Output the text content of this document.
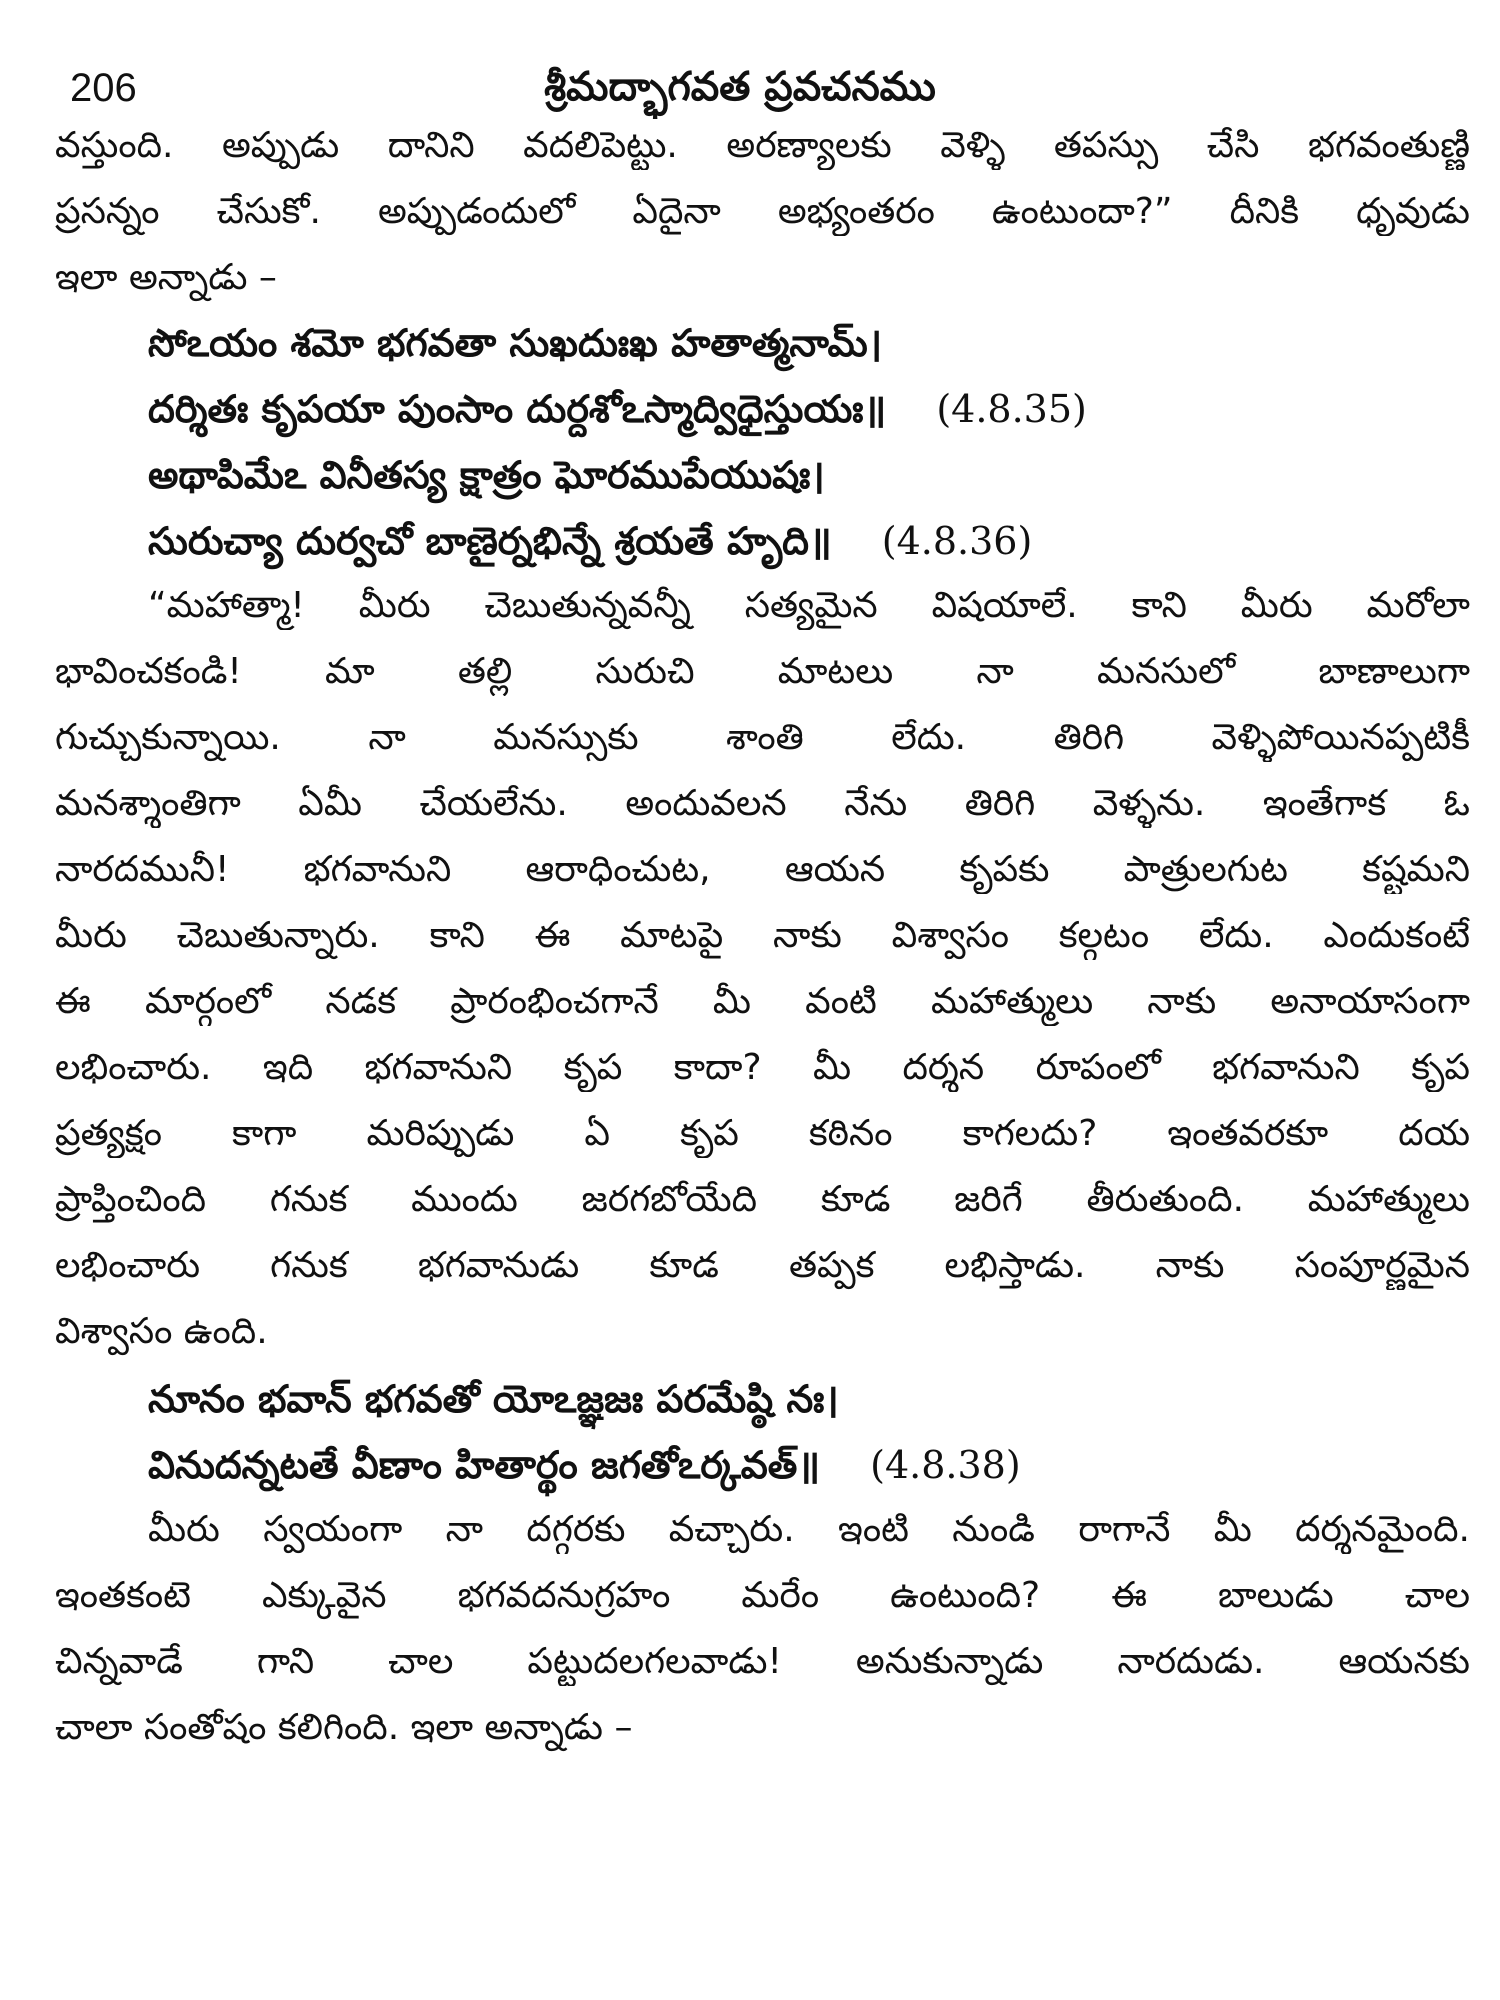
206	శ్రీమద్భాగవత ప్రవచనము
వస్తుంది. అప్పుడు దానిని వదలిపెట్టు. అరణ్యాలకు వెళ్ళి తపస్సు చేసి భగవంతుణ్ణి
ప్రసన్నం చేసుకో. అప్పుడందులో ఏదైనా అభ్యంతరం ఉంటుందా?” దీనికి ధృవుడు
ఇలా అన్నాడు –
సోఽయం శమో భగవతా సుఖదుఃఖ హతాత్మనామ్।
దర్శితః కృపయా పుంసాం దుర్దశోఽస్మాద్విధైస్తుయః॥ (4.8.35)
అథాపిమేఽ వినీతస్య క్షాత్రం ఘోరముపేయుషః।
సురుచ్యా దుర్వచో బాణైర్నభిన్నే శ్రయతే హృది॥ (4.8.36)
“మహాత్మా! మీరు చెబుతున్నవన్నీ సత్యమైన విషయాలే. కాని మీరు మరోలా
భావించకండి! మా తల్లి సురుచి మాటలు నా మనసులో బాణాలుగా
గుచ్చుకున్నాయి. నా మనస్సుకు శాంతి లేదు. తిరిగి వెళ్ళిపోయినప్పటికీ
మనశ్శాంతిగా ఏమీ చేయలేను. అందువలన నేను తిరిగి వెళ్ళను. ఇంతేగాక ఓ
నారదమునీ! భగవానుని ఆరాధించుట, ఆయన కృపకు పాత్రులగుట కష్టమని
మీరు చెబుతున్నారు. కాని ఈ మాటపై నాకు విశ్వాసం కల్గటం లేదు. ఎందుకంటే
ఈ మార్గంలో నడక ప్రారంభించగానే మీ వంటి మహాత్ములు నాకు అనాయాసంగా
లభించారు. ఇది భగవానుని కృప కాదా? మీ దర్శన రూపంలో భగవానుని కృప
ప్రత్యక్షం కాగా మరిప్పుడు ఏ కృప కఠినం కాగలదు? ఇంతవరకూ దయ
ప్రాప్తించింది గనుక ముందు జరగబోయేది కూడ జరిగే తీరుతుంది. మహాత్ములు
లభించారు గనుక భగవానుడు కూడ తప్పక లభిస్తాడు. నాకు సంపూర్ణమైన
విశ్వాసం ఉంది.
నూనం భవాన్ భగవతో యోఽజ్ఞజః పరమేష్ఠి నః।
వినుదన్నటతే వీణాం హితార్థం జగతోఽర్కవత్॥ (4.8.38)
మీరు స్వయంగా నా దగ్గరకు వచ్చారు. ఇంటి నుండి రాగానే మీ దర్శనమైంది.
ఇంతకంటె ఎక్కువైన భగవదనుగ్రహం మరేం ఉంటుంది? ఈ బాలుడు చాల
చిన్నవాడే గాని చాల పట్టుదలగలవాడు! అనుకున్నాడు నారదుడు. ఆయనకు
చాలా సంతోషం కలిగింది. ఇలా అన్నాడు –
